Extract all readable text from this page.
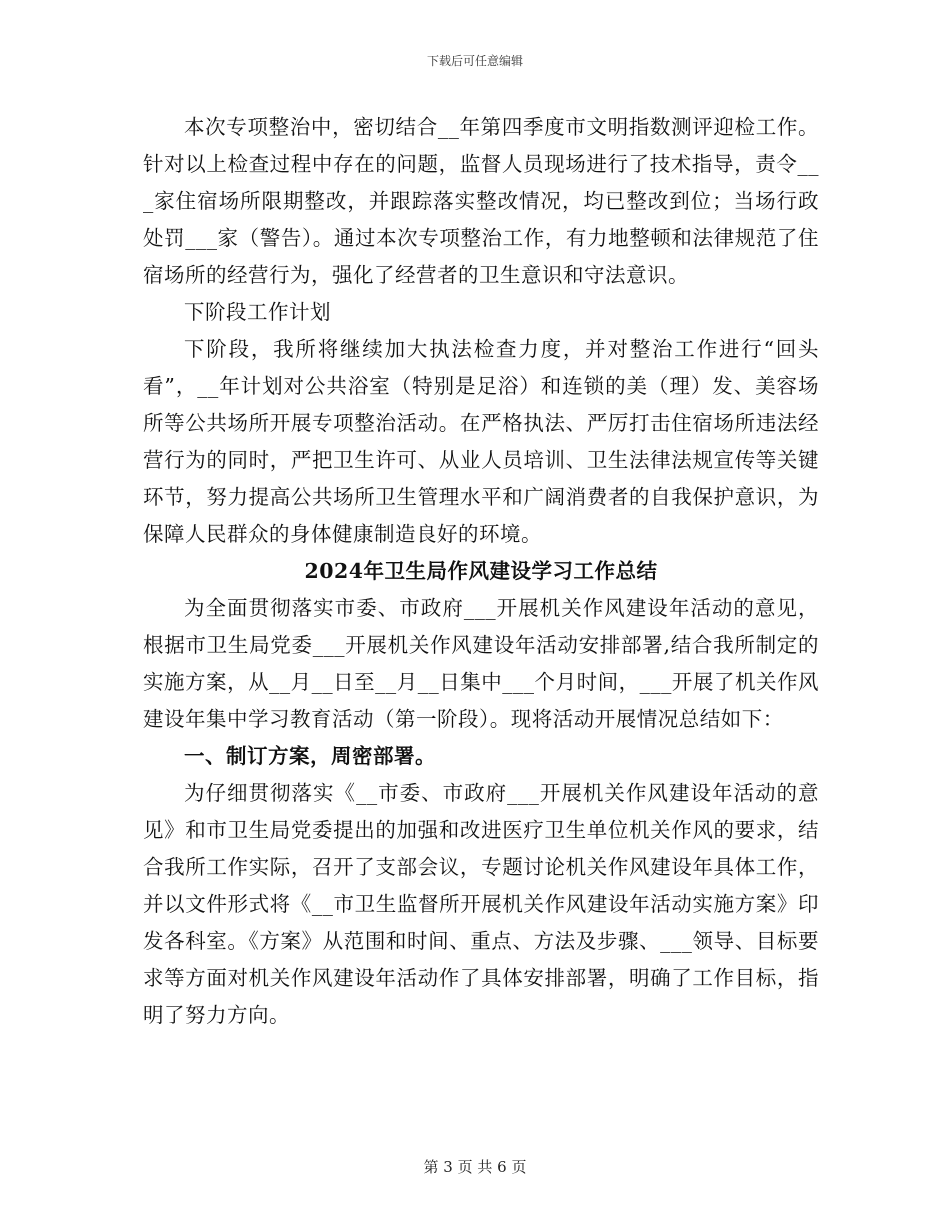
下载后可任意编辑

本次专项整治中，密切结合__年第四季度市文明指数测评迎检工作。针对以上检查过程中存在的问题，监督人员现场进行了技术指导，责令___家住宿场所限期整改，并跟踪落实整改情况，均已整改到位；当场行政处罚___家（警告）。通过本次专项整治工作，有力地整顿和法律规范了住宿场所的经营行为，强化了经营者的卫生意识和守法意识。

下阶段工作计划

下阶段，我所将继续加大执法检查力度，并对整治工作进行“回头看”，__年计划对公共浴室（特别是足浴）和连锁的美（理）发、美容场所等公共场所开展专项整治活动。在严格执法、严厉打击住宿场所违法经营行为的同时，严把卫生许可、从业人员培训、卫生法律法规宣传等关键环节，努力提高公共场所卫生管理水平和广阔消费者的自我保护意识，为保障人民群众的身体健康制造良好的环境。

2024年卫生局作风建设学习工作总结

为全面贯彻落实市委、市政府___开展机关作风建设年活动的意见，根据市卫生局党委___开展机关作风建设年活动安排部署,结合我所制定的实施方案，从__月__日至__月__日集中___个月时间，___开展了机关作风建设年集中学习教育活动（第一阶段）。现将活动开展情况总结如下：

一、制订方案，周密部署。

为仔细贯彻落实《__市委、市政府___开展机关作风建设年活动的意见》和市卫生局党委提出的加强和改进医疗卫生单位机关作风的要求，结合我所工作实际，召开了支部会议，专题讨论机关作风建设年具体工作，并以文件形式将《__市卫生监督所开展机关作风建设年活动实施方案》印发各科室。《方案》从范围和时间、重点、方法及步骤、___领导、目标要求等方面对机关作风建设年活动作了具体安排部署，明确了工作目标，指明了努力方向。

第 3 页 共 6 页
